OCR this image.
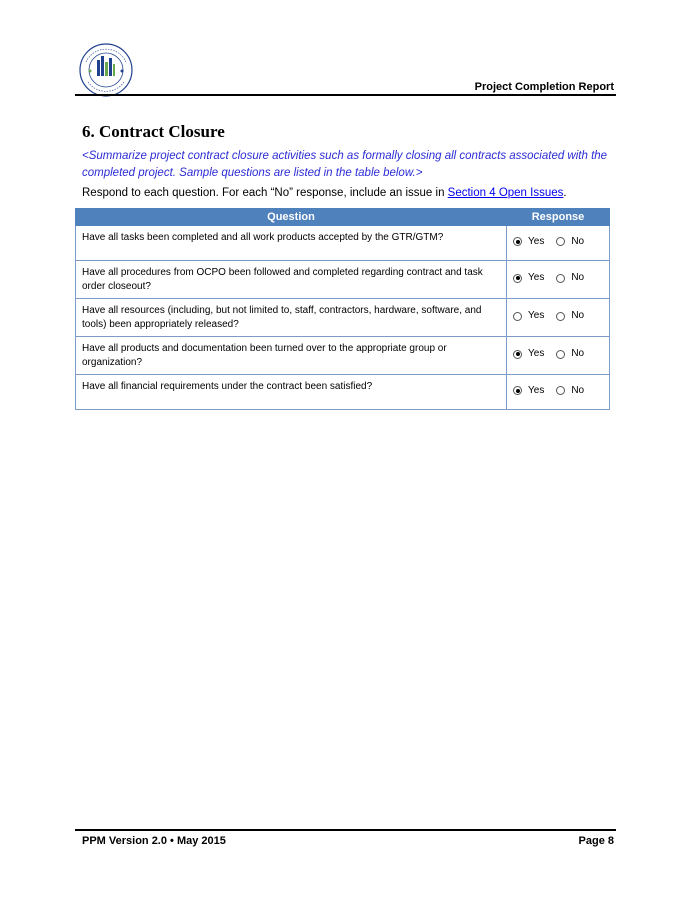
Project Completion Report
6. Contract Closure
<Summarize project contract closure activities such as formally closing all contracts associated with the completed project. Sample questions are listed in the table below.>
Respond to each question. For each “No” response, include an issue in Section 4 Open Issues.
Question	Response
Have all tasks been completed and all work products accepted by the GTR/GTM?	Yes No

Have all procedures from OCPO been followed and completed regarding contract and task order closeout?	Yes No

Have all resources (including, but not limited to, staff, contractors, hardware, software, and tools) been appropriately released?	Yes No

Have all products and documentation been turned over to the appropriate group or organization?	Yes No

Have all financial requirements under the contract been satisfied?	Yes No
PPM Version 2.0 • May 2015	Page 8
